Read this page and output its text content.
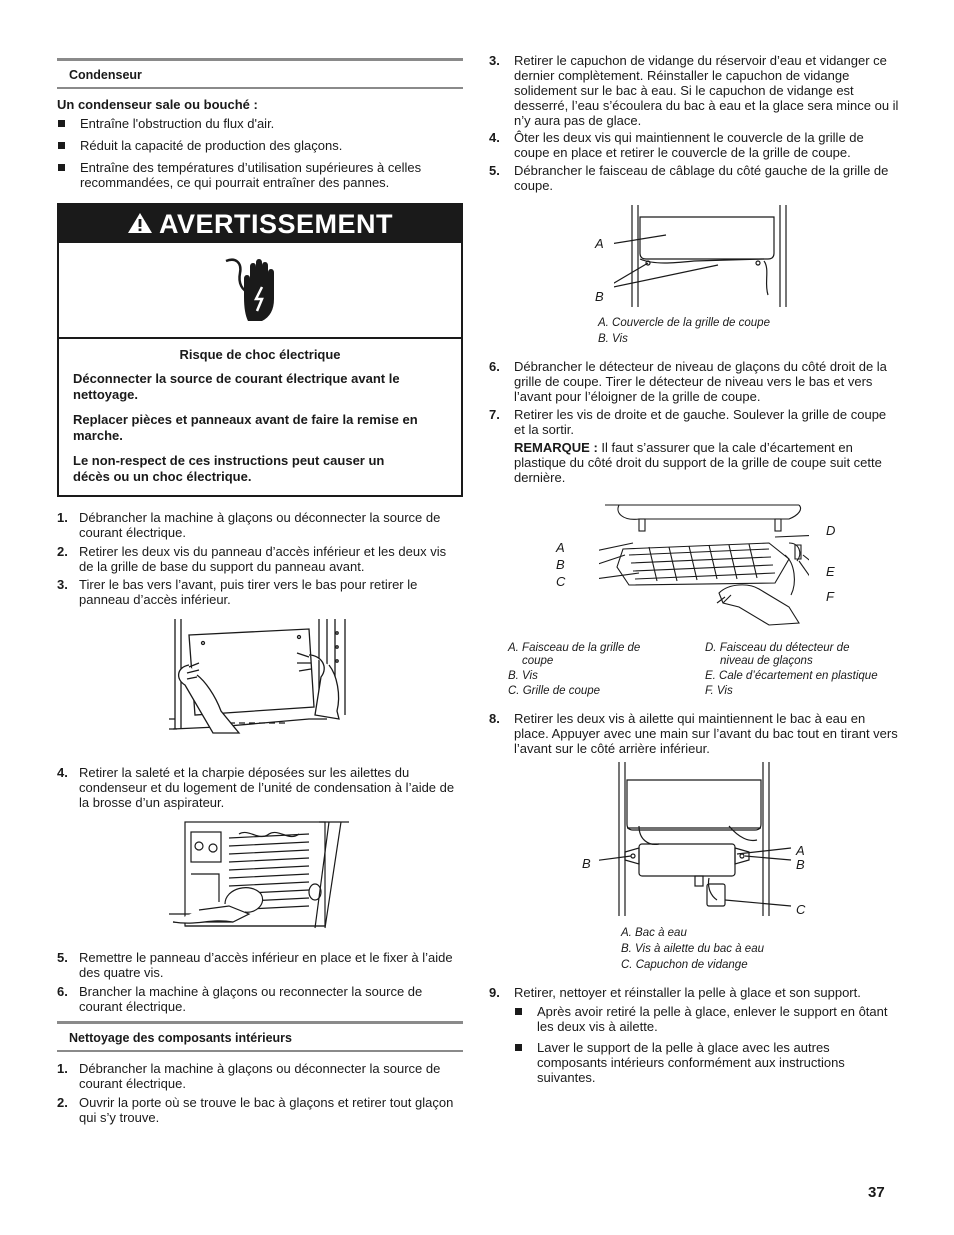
Condenseur
Un condenseur sale ou bouché :
Entraîne l'obstruction du flux d'air.
Réduit la capacité de production des glaçons.
Entraîne des températures d’utilisation supérieures à celles recommandées, ce qui pourrait entraîner des pannes.
AVERTISSEMENT
Risque de choc électrique

Déconnecter la source de courant électrique avant le nettoyage.

Replacer pièces et panneaux avant de faire la remise en marche.

Le non-respect de ces instructions peut causer un décès ou un choc électrique.

1. Débrancher la machine à glaçons ou déconnecter la source de courant électrique.
2. Retirer les deux vis du panneau d’accès inférieur et les deux vis de la grille de base du support du panneau avant.
3. Tirer le bas vers l’avant, puis tirer vers le bas pour retirer le panneau d’accès inférieur.
4. Retirer la saleté et la charpie déposées sur les ailettes du condenseur et du logement de l’unité de condensation à l’aide de la brosse d’un aspirateur.
5. Remettre le panneau d’accès inférieur en place et le fixer à l’aide des quatre vis.
6. Brancher la machine à glaçons ou reconnecter la source de courant électrique.
Nettoyage des composants intérieurs
1. Débrancher la machine à glaçons ou déconnecter la source de courant électrique.
2. Ouvrir la porte où se trouve le bac à glaçons et retirer tout glaçon qui s’y trouve.
3. Retirer le capuchon de vidange du réservoir d’eau et vidanger ce dernier complètement. Réinstaller le capuchon de vidange solidement sur le bac à eau. Si le capuchon de vidange est desserré, l’eau s’écoulera du bac à eau et la glace sera mince ou il n’y aura pas de glace.
4. Ôter les deux vis qui maintiennent le couvercle de la grille de coupe en place et retirer le couvercle de la grille de coupe.
5. Débrancher le faisceau de câblage du côté gauche de la grille de coupe.
A
B
A. Couvercle de la grille de coupe
B. Vis
6. Débrancher le détecteur de niveau de glaçons du côté droit de la grille de coupe. Tirer le détecteur de niveau vers le bas et vers l’avant pour l’éloigner de la grille de coupe.
7. Retirer les vis de droite et de gauche. Soulever la grille de coupe et la sortir.
REMARQUE : Il faut s’assurer que la cale d’écartement en plastique du côté droit du support de la grille de coupe suit cette dernière.
A
B
C
D
E
F
A. Faisceau de la grille de
coupe
B. Vis
C. Grille de coupe
D. Faisceau du détecteur de
niveau de glaçons
E. Cale d’écartement en plastique
F. Vis
8. Retirer les deux vis à ailette qui maintiennent le bac à eau en place. Appuyer avec une main sur l’avant du bac tout en tirant vers l’avant sur le côté arrière inférieur.
B
A
B
C
A. Bac à eau
B. Vis à ailette du bac à eau
C. Capuchon de vidange
9. Retirer, nettoyer et réinstaller la pelle à glace et son support.
Après avoir retiré la pelle à glace, enlever le support en ôtant les deux vis à ailette.
Laver le support de la pelle à glace avec les autres composants intérieurs conformément aux instructions suivantes.
37
